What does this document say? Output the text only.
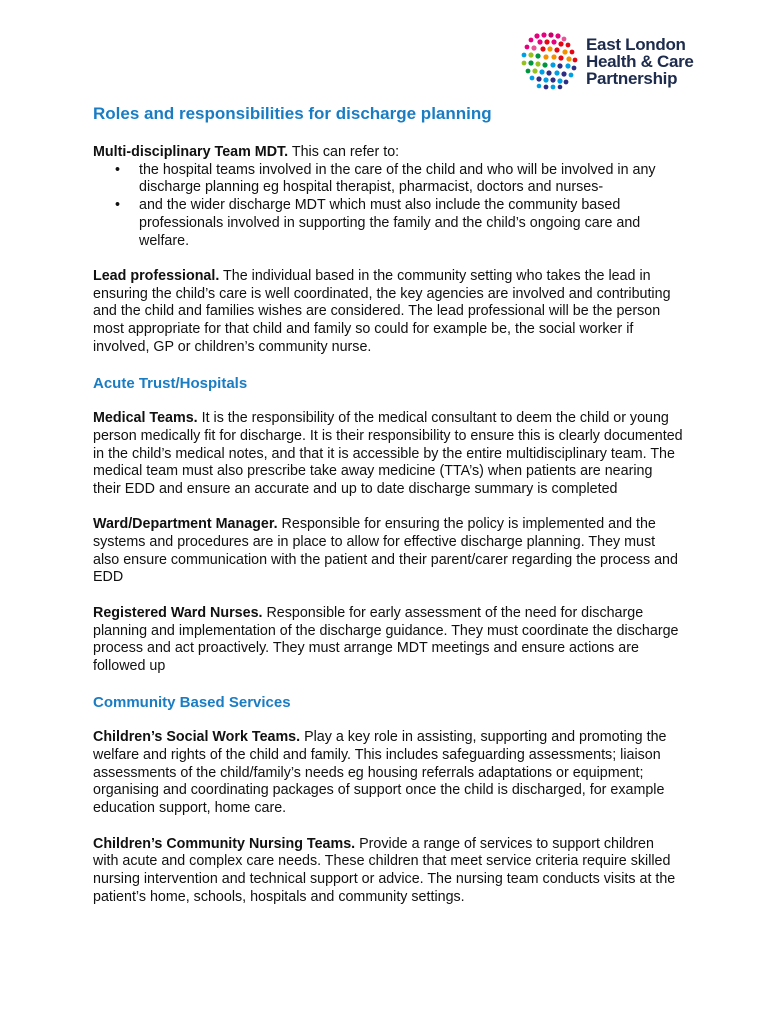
East London
Health & Care
Partnership
Roles and responsibilities for discharge planning

Multi-disciplinary Team MDT. This can refer to:

• the hospital teams involved in the care of the child and who will be involved in any discharge planning eg hospital therapist, pharmacist, doctors and nurses-
• and the wider discharge MDT which must also include the community based professionals involved in supporting the family and the child’s ongoing care and welfare.

Lead professional. The individual based in the community setting who takes the lead in ensuring the child’s care is well coordinated, the key agencies are involved and contributing and the child and families wishes are considered. The lead professional will be the person most appropriate for that child and family so could for example be, the social worker if involved, GP or children’s community nurse.

Acute Trust/Hospitals

Medical Teams. It is the responsibility of the medical consultant to deem the child or young person medically fit for discharge. It is their responsibility to ensure this is clearly documented in the child’s medical notes, and that it is accessible by the entire multidisciplinary team. The medical team must also prescribe take away medicine (TTA’s) when patients are nearing their EDD and ensure an accurate and up to date discharge summary is completed

Ward/Department Manager. Responsible for ensuring the policy is implemented and the systems and procedures are in place to allow for effective discharge planning. They must also ensure communication with the patient and their parent/carer regarding the process and EDD

Registered Ward Nurses. Responsible for early assessment of the need for discharge planning and implementation of the discharge guidance. They must coordinate the discharge process and act proactively. They must arrange MDT meetings and ensure actions are followed up

Community Based Services

Children’s Social Work Teams. Play a key role in assisting, supporting and promoting the welfare and rights of the child and family. This includes safeguarding assessments; liaison assessments of the child/family’s needs eg housing referrals adaptations or equipment; organising and coordinating packages of support once the child is discharged, for example education support, home care.

Children’s Community Nursing Teams. Provide a range of services to support children with acute and complex care needs. These children that meet service criteria require skilled nursing intervention and technical support or advice. The nursing team conducts visits at the patient’s home, schools, hospitals and community settings.
